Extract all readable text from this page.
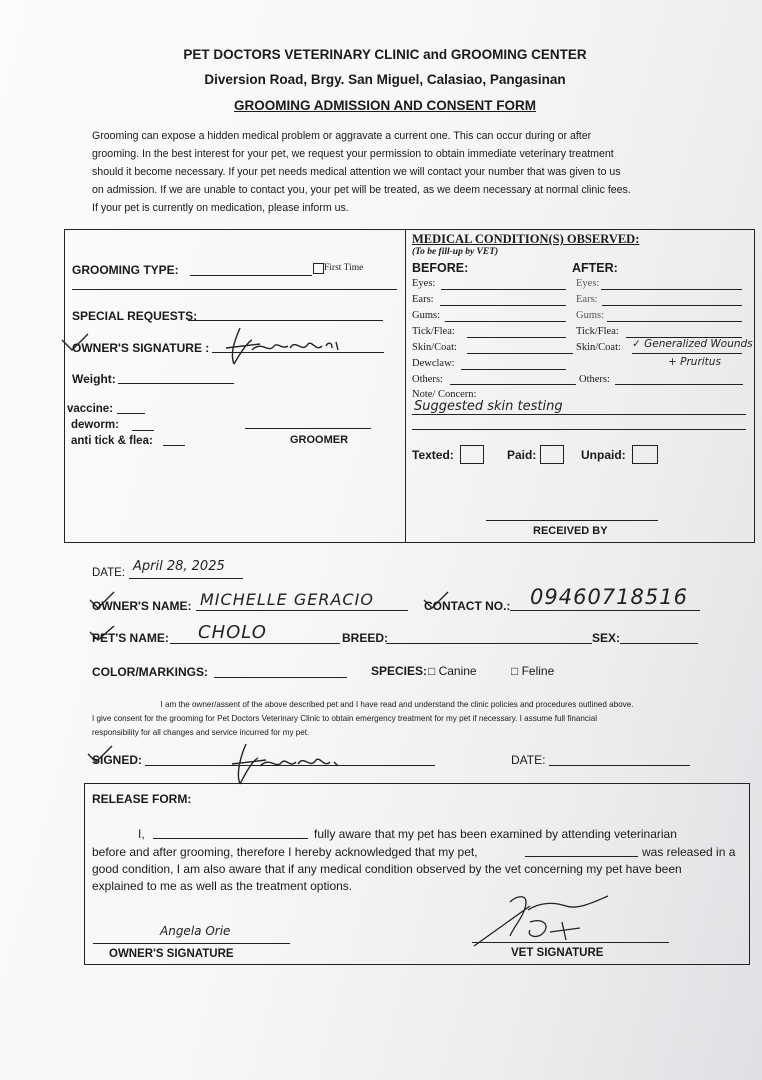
PET DOCTORS VETERINARY CLINIC and GROOMING CENTER
Diversion Road, Brgy. San Miguel, Calasiao, Pangasinan
GROOMING ADMISSION AND CONSENT FORM
Grooming can expose a hidden medical problem or aggravate a current one. This can occur during or after
grooming. In the best interest for your pet, we request your permission to obtain immediate veterinary treatment
should it become necessary. If your pet needs medical attention we will contact your number that was given to us
on admission. If we are unable to contact you, your pet will be treated, as we deem necessary at normal clinic fees.
If your pet is currently on medication, please inform us.
GROOMING TYPE:	First Time
SPECIAL REQUESTS:
OWNER'S SIGNATURE :
Weight:
vaccine:
deworm:
anti tick & flea:	GROOMER
MEDICAL CONDITION(S) OBSERVED:
(To be fill-up by VET)
BEFORE:	AFTER:
Eyes:	Eyes:
Ears:	Ears:
Gums:	Gums:
Tick/Flea:	Tick/Flea:
Skin/Coat:	Skin/Coat: ✓ Generalized Wounds
+ Pruritus
Dewclaw:
Others:	Others:
Note/ Concern:
Suggested skin testing
Texted:	Paid:	Unpaid:
RECEIVED BY
DATE: April 28, 2025
OWNER'S NAME: MICHELLE GERACIO	CONTACT NO.: 09460718516
PET'S NAME: CHOLO	BREED:	SEX:
COLOR/MARKINGS:	SPECIES: □ Canine	□ Feline
I am the owner/assent of the above described pet and I have read and understand the clinic policies and procedures outlined above.
I give consent for the grooming for Pet Doctors Veterinary Clinic to obtain emergency treatment for my pet if necessary. I assume full financial
responsibility for all changes and service incurred for my pet.
SIGNED:	DATE:
RELEASE FORM:
I,	fully aware that my pet has been examined by attending veterinarian
before and after grooming, therefore I hereby acknowledged that my pet,	was released in a
good condition, I am also aware that if any medical condition observed by the vet concerning my pet have been
explained to me as well as the treatment options.
Angela Orie
OWNER'S SIGNATURE	VET SIGNATURE
